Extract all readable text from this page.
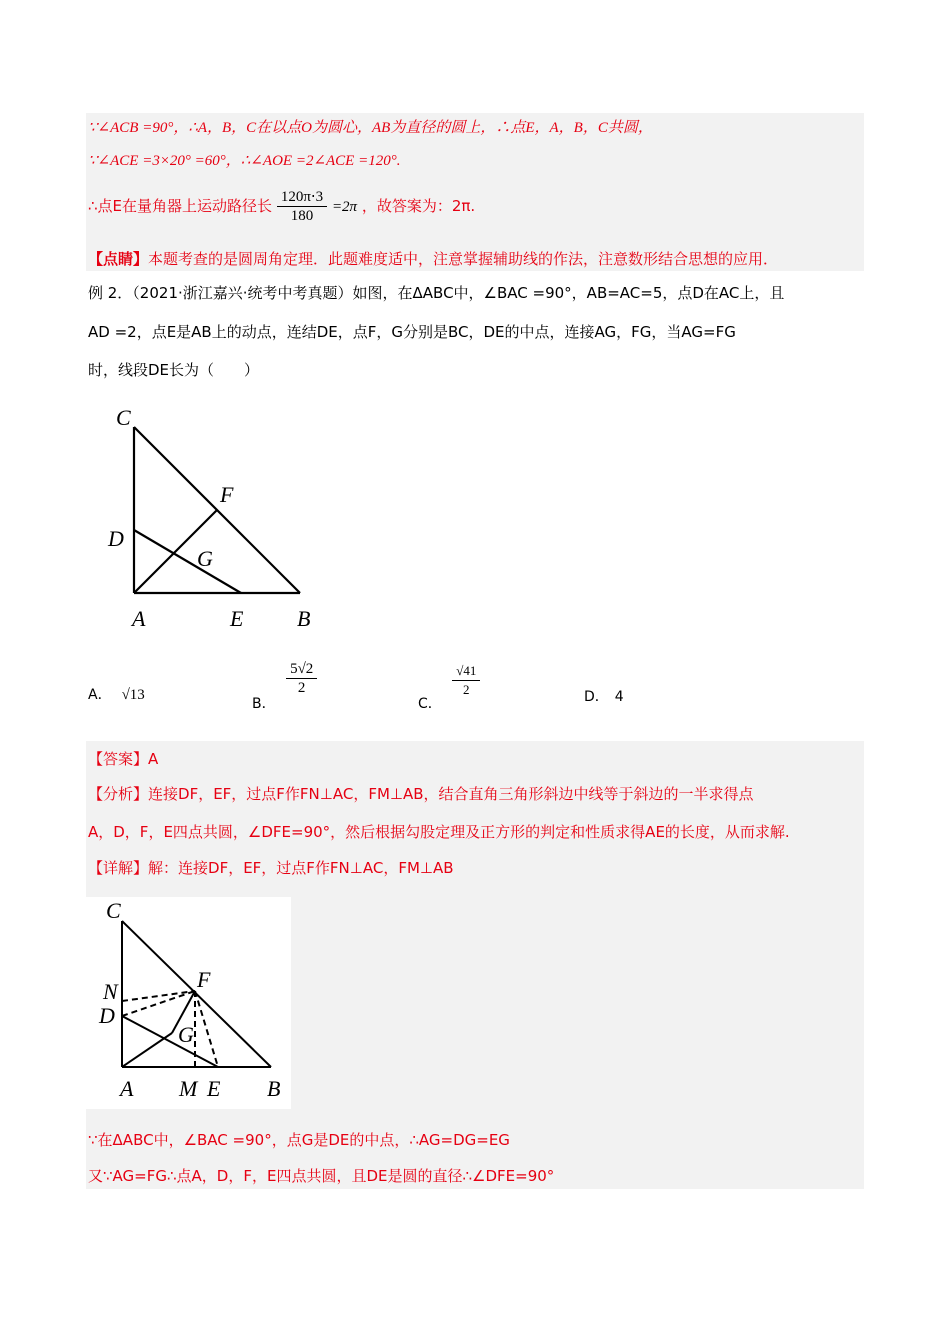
∵∠ACB =90°，∴A，B，C在以点O为圆心，AB为直径的圆上，∴点E，A，B，C共圆，
∵∠ACE =3×20° =60°，∴∠AOE =2∠ACE =120°.
∴点E在量角器上运动路径长 $\frac{120\pi\cdot 3}{180} =2\pi$ ，故答案为：2π.
【点睛】本题考查的是圆周角定理．此题难度适中，注意掌握辅助线的作法，注意数形结合思想的应用．
例 2．（2021·浙江嘉兴·统考中考真题）如图，在ΔABC中，∠BAC =90°，AB=AC=5，点D在AC上，且
AD =2，点E是AB上的动点，连结DE，点F，G分别是BC，DE的中点，连接AG，FG，当AG=FG
时，线段DE长为（　　）
C
D
F
G
A	E B
A． √13
B．
$\frac{5√2}{2}$
C．
$\frac{√41}{2}$	D． 4
【答案】A
【分析】连接DF，EF，过点F作FN⊥AC，FM⊥AB，结合直角三角形斜边中线等于斜边的一半求得点
A，D，F，E四点共圆，∠DFE=90°，然后根据勾股定理及正方形的判定和性质求得AE的长度，从而求解.
【详解】解：连接DF，EF，过点F作FN⊥AC，FM⊥AB
C
N	F
D
G
A M E B
∵在ΔABC中，∠BAC =90°，点G是DE的中点，∴AG=DG=EG
又∵AG=FG∴点A，D，F，E四点共圆，且DE是圆的直径∴∠DFE=90°
